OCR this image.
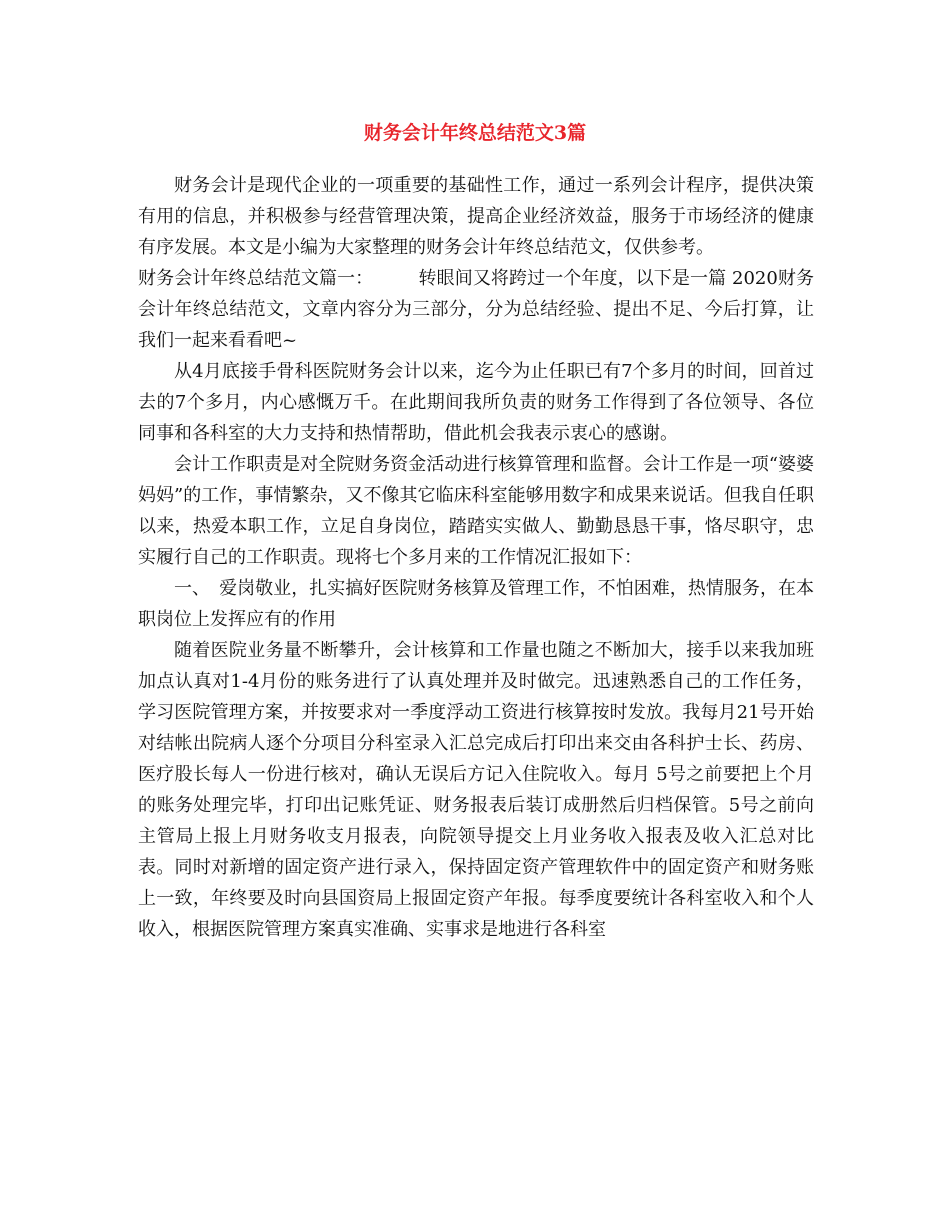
财务会计年终总结范文3篇

财务会计是现代企业的一项重要的基础性工作，通过一系列会计程序，提供决策有用的信息，并积极参与经营管理决策，提高企业经济效益，服务于市场经济的健康有序发展。本文是小编为大家整理的财务会计年终总结范文，仅供参考。

财务会计年终总结范文篇一：　　　转眼间又将跨过一个年度，以下是一篇 2020财务会计年终总结范文，文章内容分为三部分，分为总结经验、提出不足、今后打算，让我们一起来看看吧~

从4月底接手骨科医院财务会计以来，迄今为止任职已有7个多月的时间，回首过去的7个多月，内心感慨万千。在此期间我所负责的财务工作得到了各位领导、各位同事和各科室的大力支持和热情帮助，借此机会我表示衷心的感谢。

会计工作职责是对全院财务资金活动进行核算管理和监督。会计工作是一项“婆婆妈妈”的工作，事情繁杂，又不像其它临床科室能够用数字和成果来说话。但我自任职以来，热爱本职工作，立足自身岗位，踏踏实实做人、勤勤恳恳干事，恪尽职守，忠实履行自己的工作职责。现将七个多月来的工作情况汇报如下：

一、　爱岗敬业，扎实搞好医院财务核算及管理工作，不怕困难，热情服务，在本职岗位上发挥应有的作用

随着医院业务量不断攀升，会计核算和工作量也随之不断加大，接手以来我加班加点认真对1-4月份的账务进行了认真处理并及时做完。迅速熟悉自己的工作任务，学习医院管理方案，并按要求对一季度浮动工资进行核算按时发放。我每月21号开始对结帐出院病人逐个分项目分科室录入汇总完成后打印出来交由各科护士长、药房、医疗股长每人一份进行核对，确认无误后方记入住院收入。每月 5号之前要把上个月的账务处理完毕，打印出记账凭证、财务报表后装订成册然后归档保管。5号之前向主管局上报上月财务收支月报表，向院领导提交上月业务收入报表及收入汇总对比表。同时对新增的固定资产进行录入，保持固定资产管理软件中的固定资产和财务账上一致，年终要及时向县国资局上报固定资产年报。每季度要统计各科室收入和个人收入，根据医院管理方案真实准确、实事求是地进行各科室
